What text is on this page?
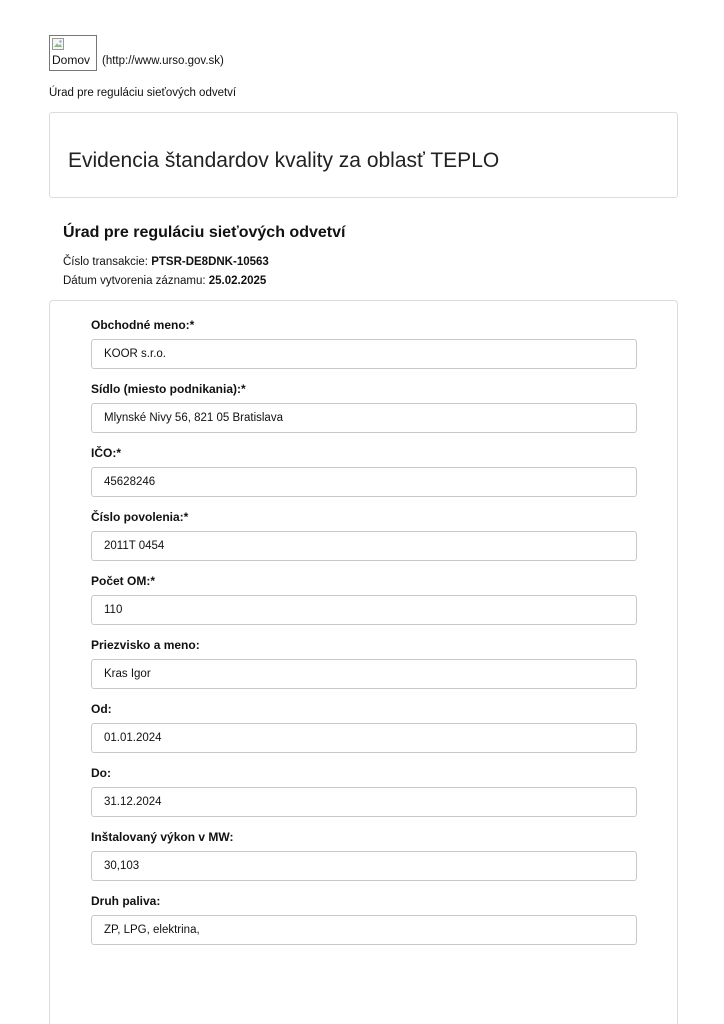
Domov (http://www.urso.gov.sk)
Úrad pre reguláciu sieťových odvetví
Evidencia štandardov kvality za oblasť TEPLO
Úrad pre reguláciu sieťových odvetví
Číslo transakcie: PTSR-DE8DNK-10563
Dátum vytvorenia záznamu: 25.02.2025
Obchodné meno:*
KOOR s.r.o.
Sídlo (miesto podnikania):*
Mlynské Nivy 56, 821 05 Bratislava
IČO:*
45628246
Číslo povolenia:*
2011T 0454
Počet OM:*
110
Priezvisko a meno:
Kras Igor
Od:
01.01.2024
Do:
31.12.2024
Inštalovaný výkon v MW:
30,103
Druh paliva:
ZP, LPG, elektrina,
